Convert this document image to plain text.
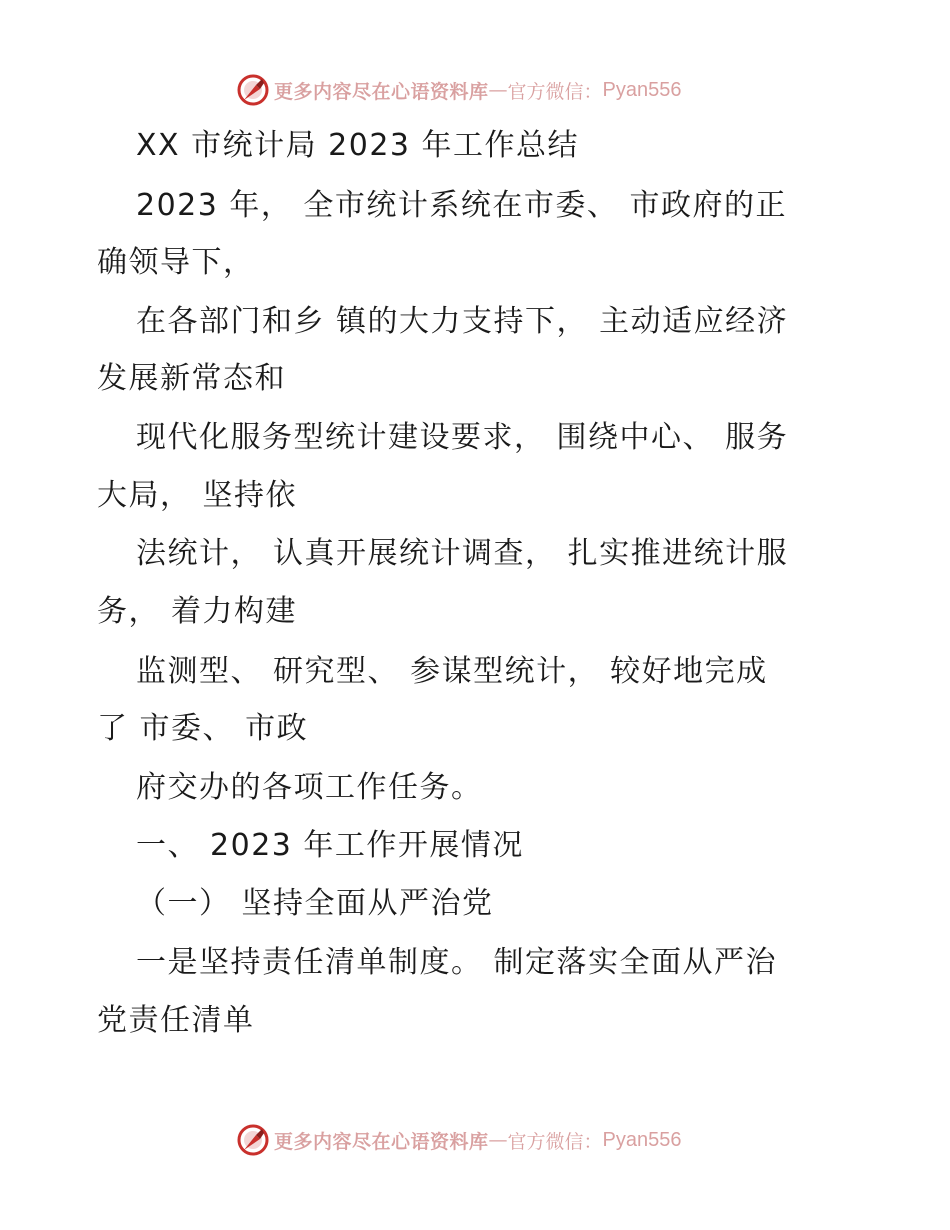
更多内容尽在心语资料库 — 官方微信： Pyan556
XX 市统计局 2023 年工作总结
2023 年， 全市统计系统在市委、 市政府的正
确领导下，
在各部门和乡 镇的大力支持下， 主动适应经济
发展新常态和
现代化服务型统计建设要求， 围绕中心、 服务
大局， 坚持依
法统计， 认真开展统计调查， 扎实推进统计服
务， 着力构建
监测型、 研究型、 参谋型统计， 较好地完成
了 市委、 市政
府交办的各项工作任务。
一、 2023 年工作开展情况
（一） 坚持全面从严治党
一是坚持责任清单制度。 制定落实全面从严治
党责任清单
更多内容尽在心语资料库 — 官方微信： Pyan556
